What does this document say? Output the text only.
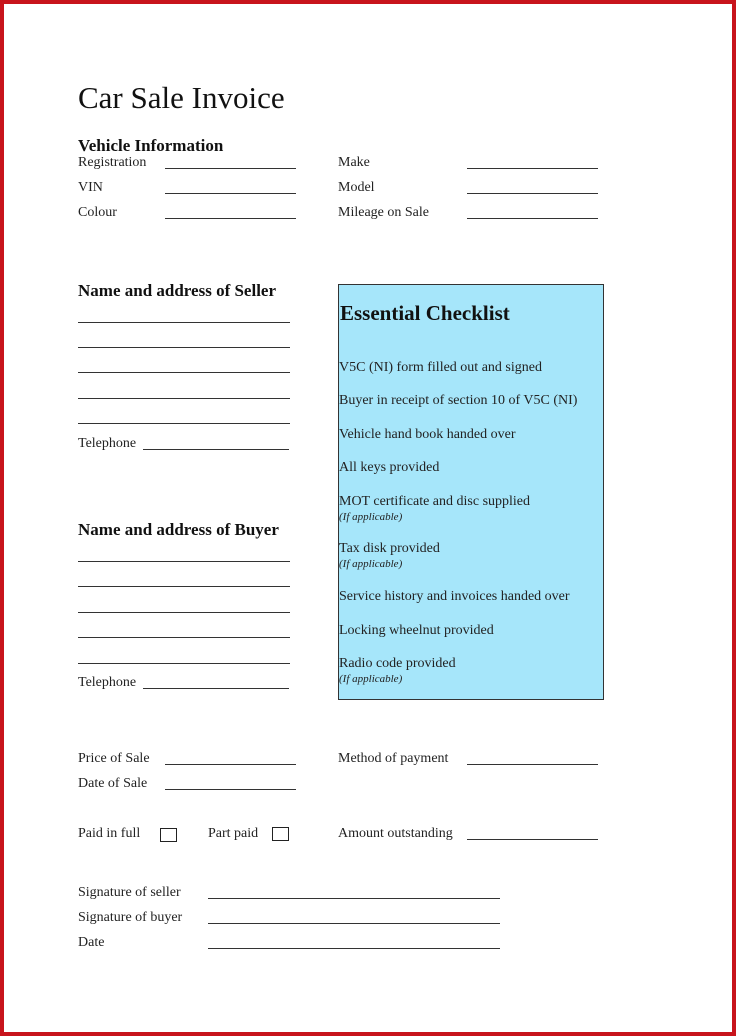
Car Sale Invoice
Vehicle Information
Registration	Make
VIN	Model
Colour	Mileage on Sale
Name and address of Seller
Telephone
Name and address of Buyer
Telephone
Essential Checklist
V5C (NI) form filled out and signed
Buyer in receipt of section 10 of V5C (NI)
Vehicle hand book handed over
All keys provided
MOT certificate and disc supplied
(If applicable)
Tax disk provided
(If applicable)
Service history and invoices handed over
Locking wheelnut provided
Radio code provided
(If applicable)
Price of Sale	Method of payment
Date of Sale
Paid in full	Part paid	Amount outstanding
Signature of seller
Signature of buyer
Date
